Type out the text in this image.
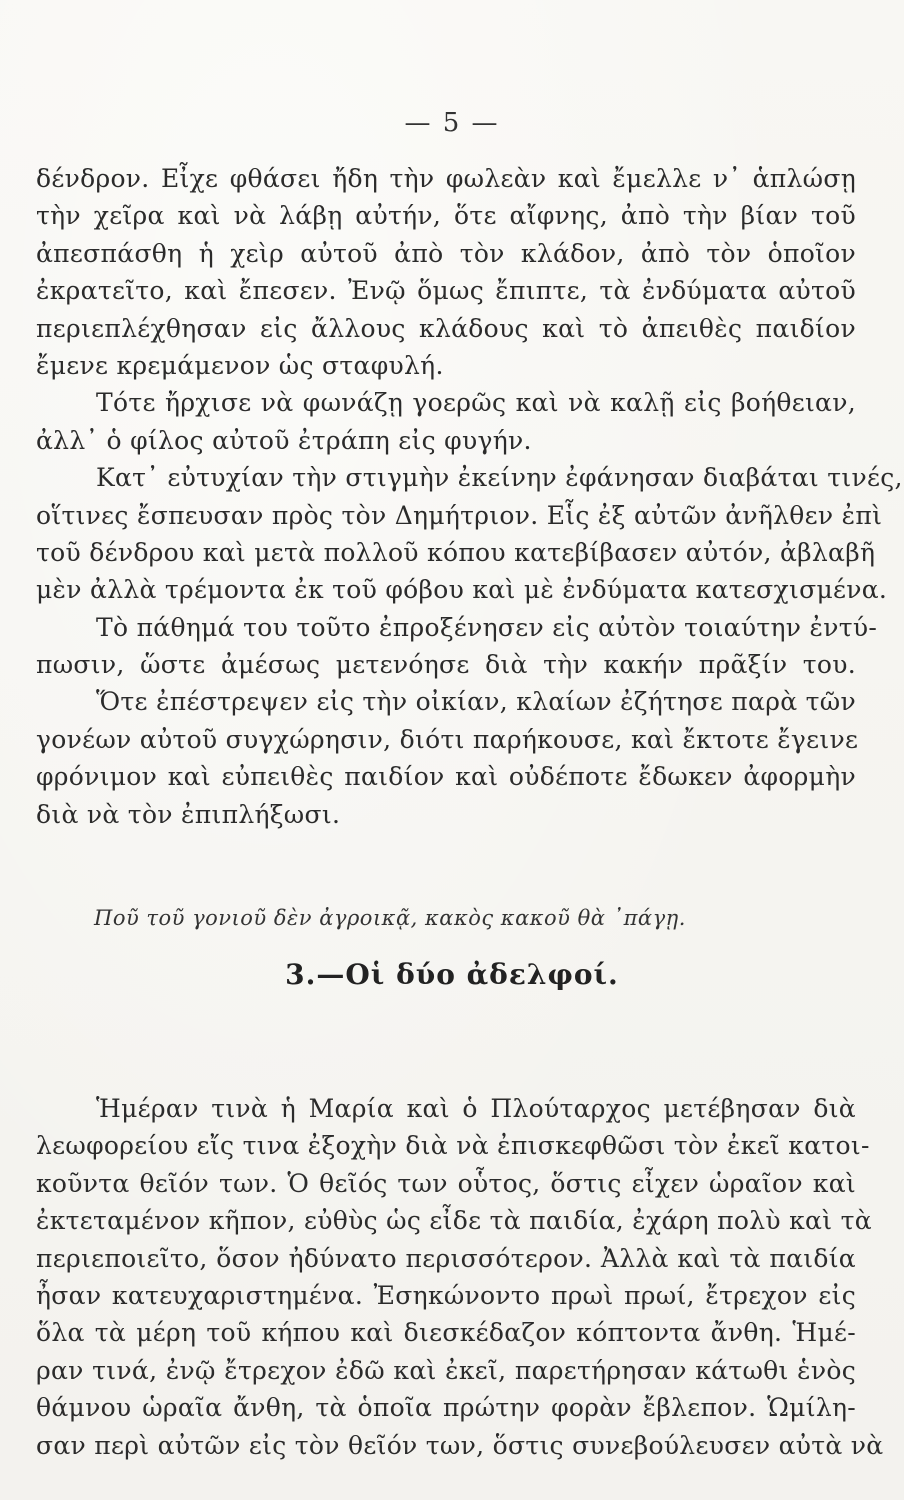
— 5 —
δένδρον. Εἶχε φθάσει ἤδη τὴν φωλεὰν καὶ ἔμελλε ν᾽ ἁπλώσῃ
τὴν χεῖρα καὶ νὰ λάβῃ αὐτήν, ὅτε αἴφνης, ἀπὸ τὴν βίαν τοῦ
ἀπεσπάσθη ἡ χεὶρ αὐτοῦ ἀπὸ τὸν κλάδον, ἀπὸ τὸν ὁποῖον
ἐκρατεῖτο, καὶ ἔπεσεν. Ἐνῷ ὅμως ἔπιπτε, τὰ ἐνδύματα αὐτοῦ
περιεπλέχθησαν εἰς ἄλλους κλάδους καὶ τὸ ἀπειθὲς παιδίον
ἔμενε κρεμάμενον ὡς σταφυλή.
Τότε ἤρχισε νὰ φωνάζῃ γοερῶς καὶ νὰ καλῇ εἰς βοήθειαν,
ἀλλ᾽ ὁ φίλος αὐτοῦ ἐτράπη εἰς φυγήν.
Κατ᾽ εὐτυχίαν τὴν στιγμὴν ἐκείνην ἐφάνησαν διαβάται τινές,
οἵτινες ἔσπευσαν πρὸς τὸν Δημήτριον. Εἷς ἐξ αὐτῶν ἀνῆλθεν ἐπὶ
τοῦ δένδρου καὶ μετὰ πολλοῦ κόπου κατεβίβασεν αὐτόν, ἀβλαβῆ
μὲν ἀλλὰ τρέμοντα ἐκ τοῦ φόβου καὶ μὲ ἐνδύματα κατεσχισμένα.
Τὸ πάθημά του τοῦτο ἐπροξένησεν εἰς αὐτὸν τοιαύτην ἐντύ-
πωσιν, ὥστε ἀμέσως μετενόησε διὰ τὴν κακήν πρᾶξίν του.
Ὅτε ἐπέστρεψεν εἰς τὴν οἰκίαν, κλαίων ἐζήτησε παρὰ τῶν
γονέων αὐτοῦ συγχώρησιν, διότι παρήκουσε, καὶ ἔκτοτε ἔγεινε
φρόνιμον καὶ εὐπειθὲς παιδίον καὶ οὐδέποτε ἔδωκεν ἀφορμὴν
διὰ νὰ τὸν ἐπιπλήξωσι.
Ποῦ τοῦ γονιοῦ δὲν ἀγροικᾷ, κακὸς κακοῦ θὰ ᾽πάγῃ.
3.—Οἱ δύο ἀδελφοί.
Ἡμέραν τινὰ ἡ Μαρία καὶ ὁ Πλούταρχος μετέβησαν διὰ
λεωφορείου εἴς τινα ἐξοχὴν διὰ νὰ ἐπισκεφθῶσι τὸν ἐκεῖ κατοι-
κοῦντα θεῖόν των. Ὁ θεῖός των οὗτος, ὅστις εἶχεν ὡραῖον καὶ
ἐκτεταμένον κῆπον, εὐθὺς ὡς εἶδε τὰ παιδία, ἐχάρη πολὺ καὶ τὰ
περιεποιεῖτο, ὅσον ἠδύνατο περισσότερον. Ἀλλὰ καὶ τὰ παιδία
ἦσαν κατευχαριστημένα. Ἐσηκώνοντο πρωὶ πρωί, ἔτρεχον εἰς
ὅλα τὰ μέρη τοῦ κήπου καὶ διεσκέδαζον κόπτοντα ἄνθη. Ἡμέ-
ραν τινά, ἐνῷ ἔτρεχον ἐδῶ καὶ ἐκεῖ, παρετήρησαν κάτωθι ἑνὸς
θάμνου ὡραῖα ἄνθη, τὰ ὁποῖα πρώτην φορὰν ἔβλεπον. Ὡμίλη-
σαν περὶ αὐτῶν εἰς τὸν θεῖόν των, ὅστις συνεβούλευσεν αὐτὰ νὰ
